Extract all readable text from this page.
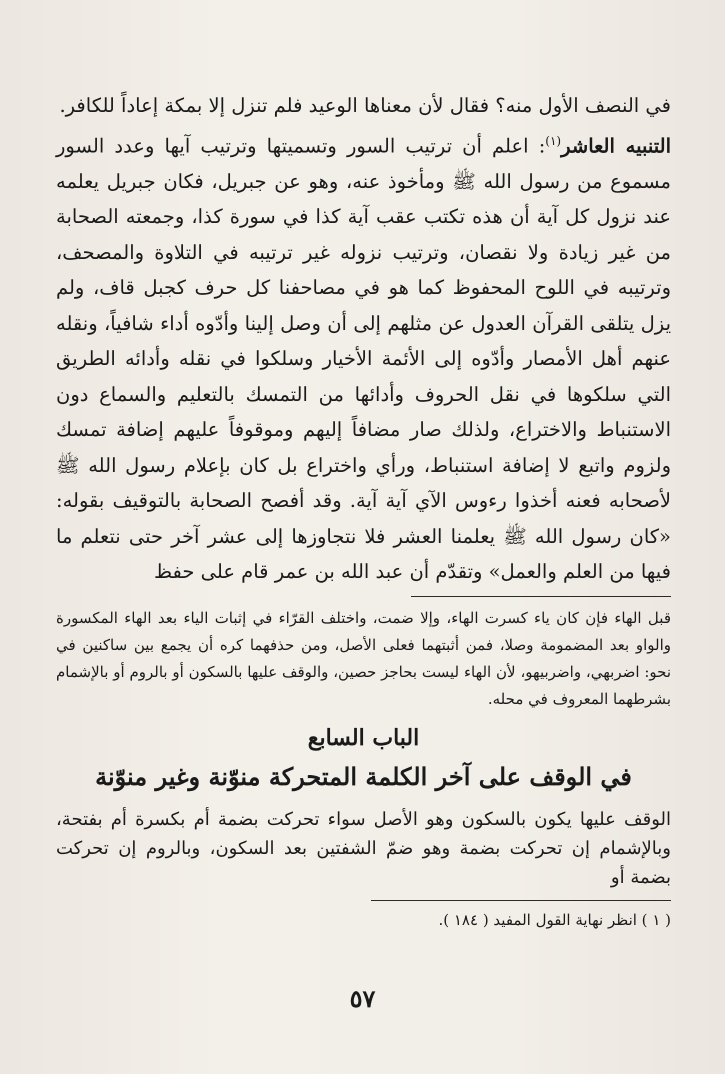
في النصف الأول منه؟ فقال لأن معناها الوعيد فلم تنزل إلا بمكة إعاداً للكافر.

التنبيه العاشر$^{(١)}$: اعلم أن ترتيب السور وتسميتها وترتيب آيها وعدد السور مسموع من رسول الله ﷺ ومأخوذ عنه، وهو عن جبريل، فكان جبريل يعلمه عند نزول كل آية أن هذه تكتب عقب آية كذا في سورة كذا، وجمعته الصحابة من غير زيادة ولا نقصان، وترتيب نزوله غير ترتيبه في التلاوة والمصحف، وترتيبه في اللوح المحفوظ كما هو في مصاحفنا كل حرف كجبل قاف، ولم يزل يتلقى القرآن العدول عن مثلهم إلى أن وصل إلينا وأدّوه أداء شافياً، ونقله عنهم أهل الأمصار وأدّوه إلى الأئمة الأخيار وسلكوا في نقله وأدائه الطريق التي سلكوها في نقل الحروف وأدائها من التمسك بالتعليم والسماع دون الاستنباط والاختراع، ولذلك صار مضافاً إليهم وموقوفاً عليهم إضافة تمسك ولزوم واتبع لا إضافة استنباط، ورأي واختراع بل كان بإعلام رسول الله ﷺ لأصحابه فعنه أخذوا رءوس الآي آية آية. وقد أفصح الصحابة بالتوقيف بقوله: «كان رسول الله ﷺ يعلمنا العشر فلا نتجاوزها إلى عشر آخر حتى نتعلم ما فيها من العلم والعمل» وتقدّم أن عبد الله بن عمر قام على حفظ

قبل الهاء فإن كان ياء كسرت الهاء، وإلا ضمت، واختلف القرّاء في إثبات الياء بعد الهاء المكسورة والواو بعد المضمومة وصلا، فمن أثبتهما فعلى الأصل، ومن حذفهما كره أن يجمع بين ساكنين في نحو: اضربهي، واضربيهو، لأن الهاء ليست بحاجز حصين، والوقف عليها بالسكون أو بالروم أو بالإشمام بشرطهما المعروف في محله.

الباب السابع
في الوقف على آخر الكلمة المتحركة منوّنة وغير منوّنة

الوقف عليها يكون بالسكون وهو الأصل سواء تحركت بضمة أم بكسرة أم بفتحة، وبالإشمام إن تحركت بضمة وهو ضمّ الشفتين بعد السكون، وبالروم إن تحركت بضمة أو

( ١ ) انظر نهاية القول المفيد ( ١٨٤ ).

٥٧
